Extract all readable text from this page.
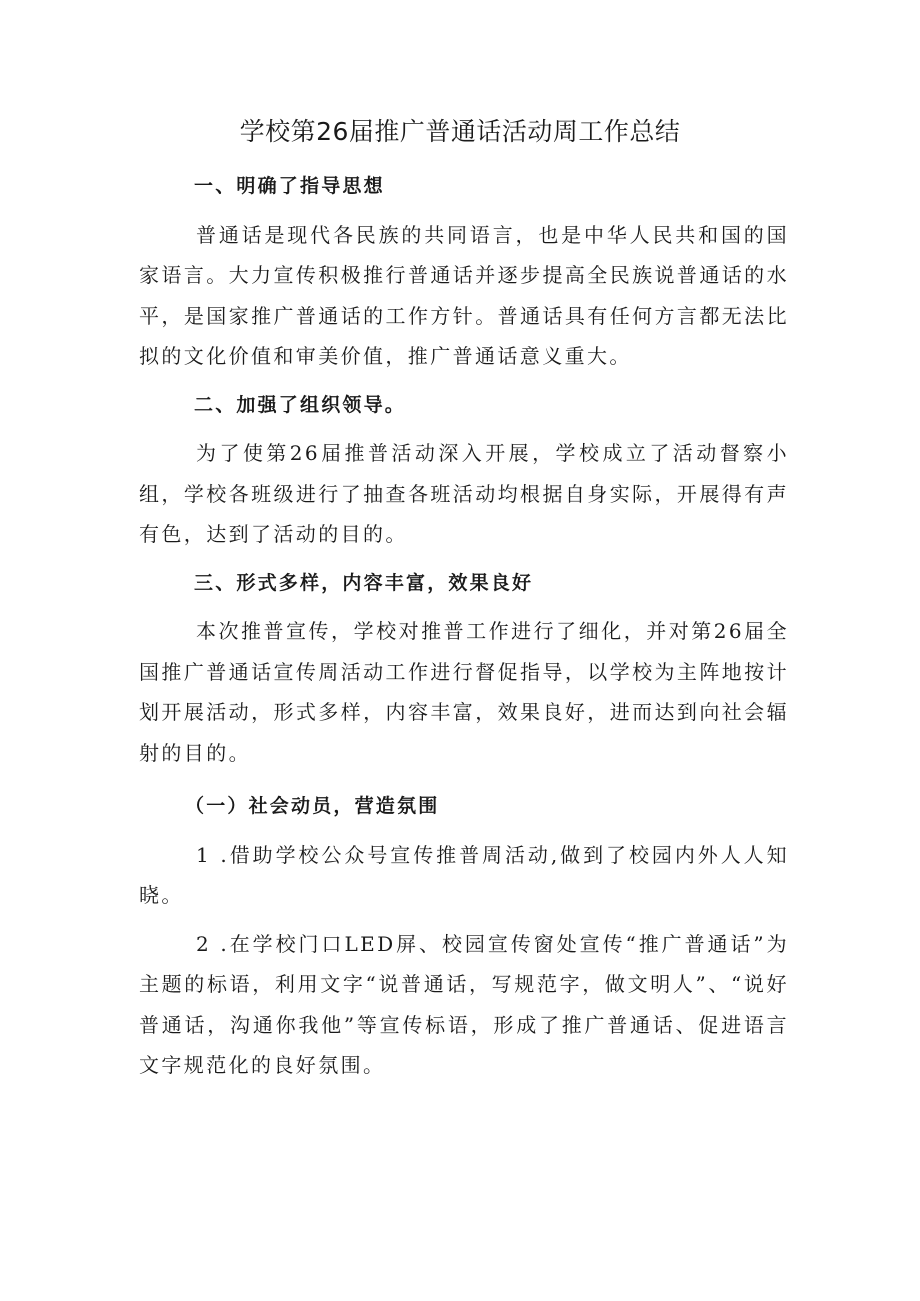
学校第26届推广普通话活动周工作总结
一、明确了指导思想

普通话是现代各民族的共同语言，也是中华人民共和国的国家语言。大力宣传积极推行普通话并逐步提高全民族说普通话的水平，是国家推广普通话的工作方针。普通话具有任何方言都无法比拟的文化价值和审美价值，推广普通话意义重大。

二、加强了组织领导。

为了使第26届推普活动深入开展，学校成立了活动督察小组，学校各班级进行了抽查各班活动均根据自身实际，开展得有声有色，达到了活动的目的。

三、形式多样，内容丰富，效果良好

本次推普宣传，学校对推普工作进行了细化，并对第26届全国推广普通话宣传周活动工作进行督促指导，以学校为主阵地按计划开展活动，形式多样，内容丰富，效果良好，进而达到向社会辐射的目的。

（一）社会动员，营造氛围

1 .借助学校公众号宣传推普周活动,做到了校园内外人人知晓。

2 .在学校门口LED屏、校园宣传窗处宣传“推广普通话”为主题的标语，利用文字“说普通话，写规范字，做文明人”、“说好普通话，沟通你我他”等宣传标语，形成了推广普通话、促进语言文字规范化的良好氛围。
